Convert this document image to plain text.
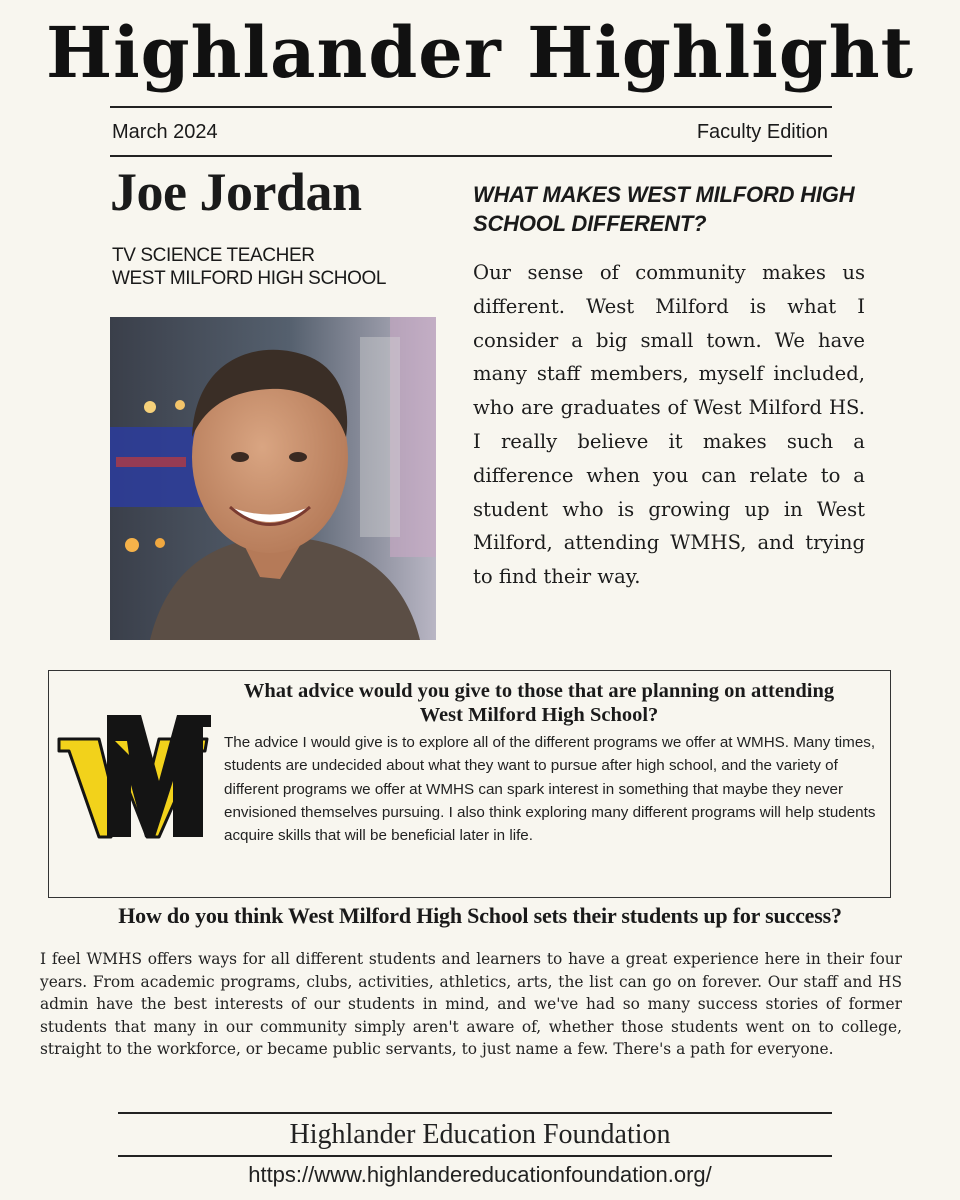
Highlander Highlight
March 2024	Faculty Edition
Joe Jordan
TV SCIENCE TEACHER
WEST MILFORD HIGH SCHOOL
WHAT MAKES WEST MILFORD HIGH SCHOOL DIFFERENT?
Our sense of community makes us different. West Milford is what I consider a big small town. We have many staff members, myself included, who are graduates of West Milford HS. I really believe it makes such a difference when you can relate to a student who is growing up in West Milford, attending WMHS, and trying to find their way.
What advice would you give to those that are planning on attending West Milford High School?
The advice I would give is to explore all of the different programs we offer at WMHS. Many times, students are undecided about what they want to pursue after high school, and the variety of different programs we offer at WMHS can spark interest in something that maybe they never envisioned themselves pursuing. I also think exploring many different programs will help students acquire skills that will be beneficial later in life.
How do you think West Milford High School sets their students up for success?
I feel WMHS offers ways for all different students and learners to have a great experience here in their four years. From academic programs, clubs, activities, athletics, arts, the list can go on forever. Our staff and HS admin have the best interests of our students in mind, and we've had so many success stories of former students that many in our community simply aren't aware of, whether those students went on to college, straight to the workforce, or became public servants, to just name a few. There's a path for everyone.
Highlander Education Foundation
https://www.highlandereducationfoundation.org/
